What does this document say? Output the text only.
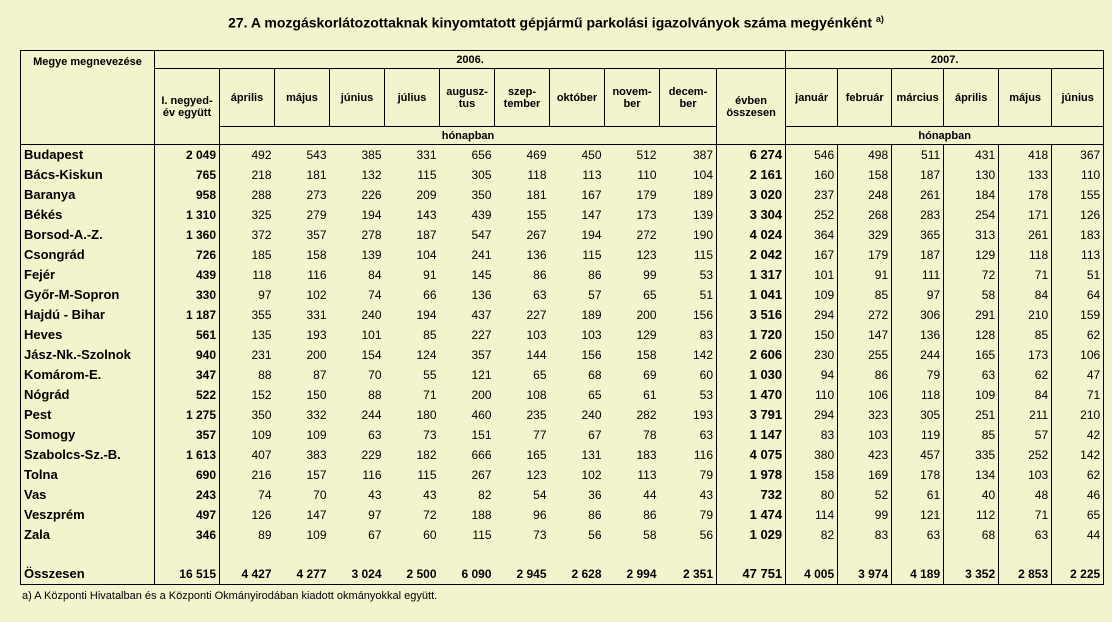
27. A mozgáskorlátozottaknak kinyomtatott gépjármű parkolási igazolványok száma megyénként $^{a)}$
Megye megnevezése	2006.											2007.					
	I. negyed-év együtt	április	május	június	július	augusz-tus	szep-tember	október	novem-ber	decem-ber	évben összesen	január	február	március	április	május	június
		hónapban										hónapban					
Budapest	2 049	492	543	385	331	656	469	450	512	387	6 274	546	498	511	431	418	367
Bács-Kiskun	765	218	181	132	115	305	118	113	110	104	2 161	160	158	187	130	133	110
Baranya	958	288	273	226	209	350	181	167	179	189	3 020	237	248	261	184	178	155
Békés	1 310	325	279	194	143	439	155	147	173	139	3 304	252	268	283	254	171	126
Borsod-A.-Z.	1 360	372	357	278	187	547	267	194	272	190	4 024	364	329	365	313	261	183
Csongrád	726	185	158	139	104	241	136	115	123	115	2 042	167	179	187	129	118	113
Fejér	439	118	116	84	91	145	86	86	99	53	1 317	101	91	111	72	71	51
Győr-M-Sopron	330	97	102	74	66	136	63	57	65	51	1 041	109	85	97	58	84	64
Hajdú - Bihar	1 187	355	331	240	194	437	227	189	200	156	3 516	294	272	306	291	210	159
Heves	561	135	193	101	85	227	103	103	129	83	1 720	150	147	136	128	85	62
Jász-Nk.-Szolnok	940	231	200	154	124	357	144	156	158	142	2 606	230	255	244	165	173	106
Komárom-E.	347	88	87	70	55	121	65	68	69	60	1 030	94	86	79	63	62	47
Nógrád	522	152	150	88	71	200	108	65	61	53	1 470	110	106	118	109	84	71
Pest	1 275	350	332	244	180	460	235	240	282	193	3 791	294	323	305	251	211	210
Somogy	357	109	109	63	73	151	77	67	78	63	1 147	83	103	119	85	57	42
Szabolcs-Sz.-B.	1 613	407	383	229	182	666	165	131	183	116	4 075	380	423	457	335	252	142
Tolna	690	216	157	116	115	267	123	102	113	79	1 978	158	169	178	134	103	62
Vas	243	74	70	43	43	82	54	36	44	43	732	80	52	61	40	48	46
Veszprém	497	126	147	97	72	188	96	86	86	79	1 474	114	99	121	112	71	65
Zala	346	89	109	67	60	115	73	56	58	56	1 029	82	83	63	68	63	44

Összesen	16 515	4 427	4 277	3 024	2 500	6 090	2 945	2 628	2 994	2 351	47 751	4 005	3 974	4 189	3 352	2 853	2 225
a) A Központi Hivatalban és a Központi Okmányirodában kiadott okmányokkal együtt.
